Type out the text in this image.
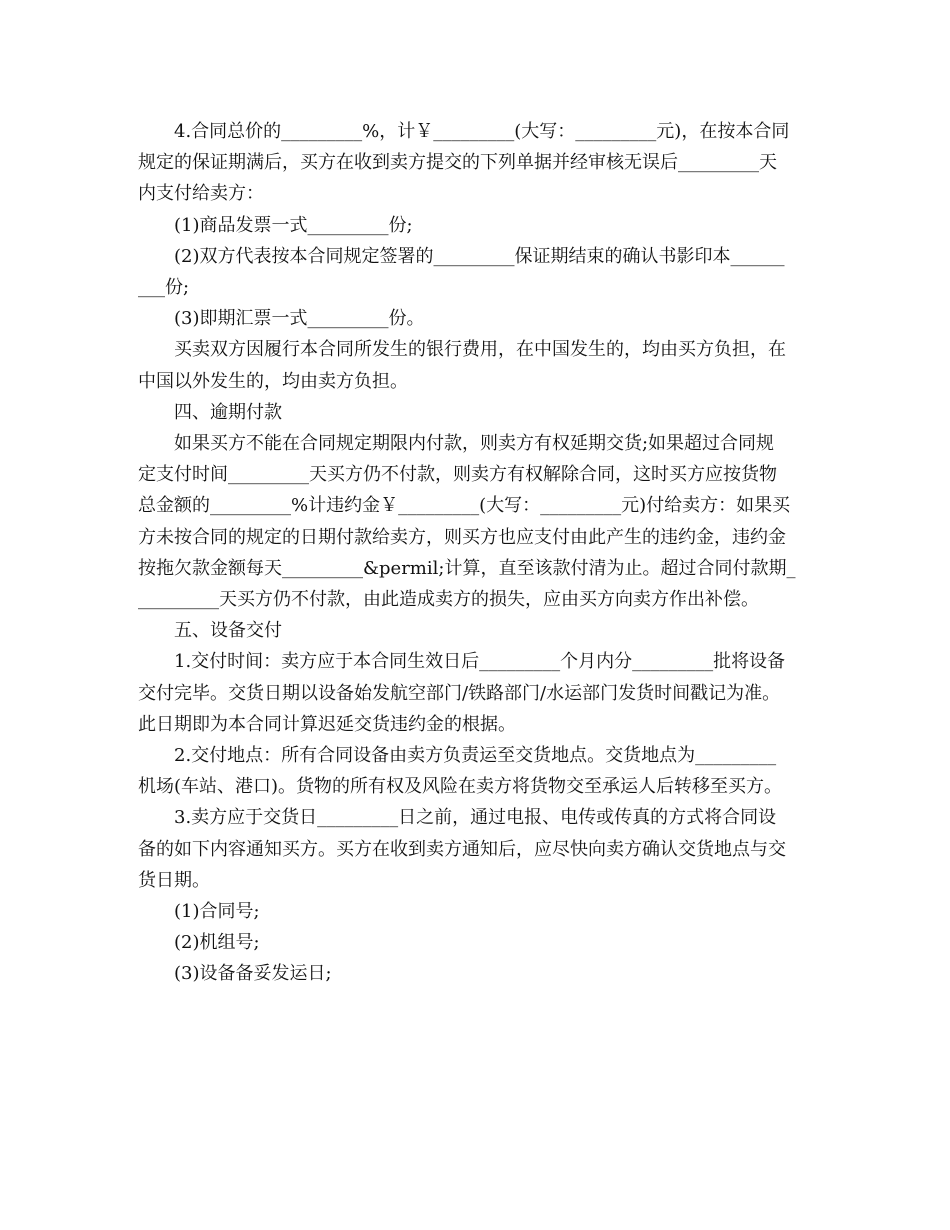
4.合同总价的_________%，计￥_________(大写：_________元)，在按本合同
规定的保证期满后，买方在收到卖方提交的下列单据并经审核无误后_________天
内支付给卖方：
(1)商品发票一式_________份;
(2)双方代表按本合同规定签署的_________保证期结束的确认书影印本______
___份;
(3)即期汇票一式_________份。
买卖双方因履行本合同所发生的银行费用，在中国发生的，均由买方负担，在
中国以外发生的，均由卖方负担。
四、逾期付款
如果买方不能在合同规定期限内付款，则卖方有权延期交货;如果超过合同规
定支付时间_________天买方仍不付款，则卖方有权解除合同，这时买方应按货物
总金额的_________%计违约金￥_________(大写：_________元)付给卖方：如果买
方未按合同的规定的日期付款给卖方，则买方也应支付由此产生的违约金，违约金
按拖欠款金额每天_________&permil;计算，直至该款付清为止。超过合同付款期_
_________天买方仍不付款，由此造成卖方的损失，应由买方向卖方作出补偿。
五、设备交付
1.交付时间：卖方应于本合同生效日后_________个月内分_________批将设备
交付完毕。交货日期以设备始发航空部门/铁路部门/水运部门发货时间戳记为准。
此日期即为本合同计算迟延交货违约金的根据。
2.交付地点：所有合同设备由卖方负责运至交货地点。交货地点为_________
机场(车站、港口)。货物的所有权及风险在卖方将货物交至承运人后转移至买方。
3.卖方应于交货日_________日之前，通过电报、电传或传真的方式将合同设
备的如下内容通知买方。买方在收到卖方通知后，应尽快向卖方确认交货地点与交
货日期。
(1)合同号;
(2)机组号;
(3)设备备妥发运日;
